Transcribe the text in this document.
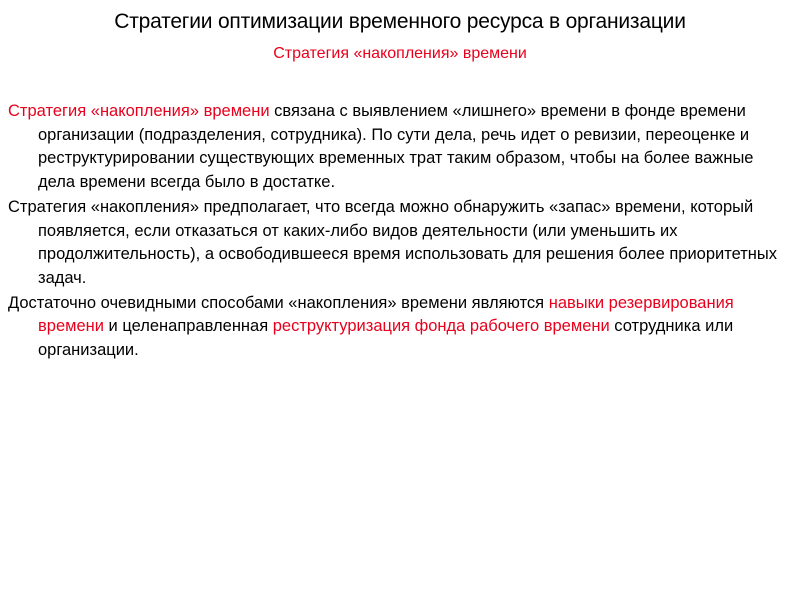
Стратегии оптимизации временного ресурса в организации
Стратегия «накопления» времени

Стратегия «накопления» времени связана с выявлением «лишнего» времени в фонде времени организации (подразделения, сотрудника). По сути дела, речь идет о ревизии, переоценке и реструктурировании существующих временных трат таким образом, чтобы на более важные дела времени всегда было в достатке.

Стратегия «накопления» предполагает, что всегда можно обнаружить «запас» времени, который появляется, если отказаться от каких-либо видов деятельности (или уменьшить их продолжительность), а освободившееся время использовать для решения более приоритетных задач.

Достаточно очевидными способами «накопления» времени являются навыки резервирования времени и целенаправленная реструктуризация фонда рабочего времени сотрудника или организации.
